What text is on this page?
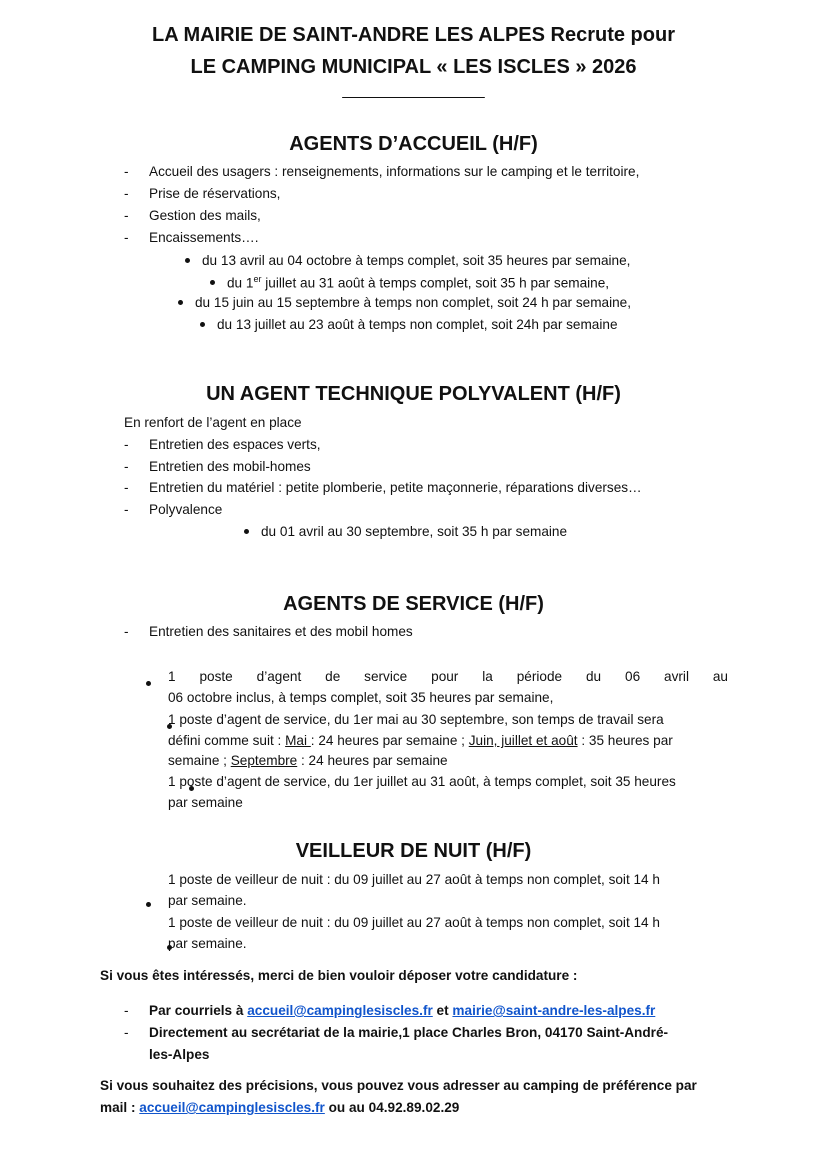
LA MAIRIE DE SAINT-ANDRE LES ALPES Recrute pour
LE CAMPING MUNICIPAL « LES ISCLES » 2026
________________
AGENTS D’ACCUEIL (H/F)
- Accueil des usagers : renseignements, informations sur le camping et le territoire,
- Prise de réservations,
- Gestion des mails,
- Encaissements….
du 13 avril au 04 octobre à temps complet, soit 35 heures par semaine,
du 1er juillet au 31 août à temps complet, soit 35 h par semaine,
du 15 juin au 15 septembre à temps non complet, soit 24 h par semaine,
du 13 juillet au 23 août à temps non complet, soit 24h par semaine
UN AGENT TECHNIQUE POLYVALENT (H/F)
En renfort de l’agent en place
- Entretien des espaces verts,
- Entretien des mobil-homes
- Entretien du matériel : petite plomberie, petite maçonnerie, réparations diverses…
- Polyvalence
du 01 avril au 30 septembre, soit 35 h par semaine
AGENTS DE SERVICE (H/F)
- Entretien des sanitaires et des mobil homes

1 poste d’agent de service pour la période du 06 avril au
06 octobre inclus, à temps complet, soit 35 heures par semaine,

1 poste d’agent de service, du 1er mai au 30 septembre, son temps de travail sera
défini comme suit : Mai : 24 heures par semaine ; Juin, juillet et août : 35 heures par
semaine ; Septembre : 24 heures par semaine
1 poste d’agent de service, du 1er juillet au 31 août, à temps complet, soit 35 heures
par semaine
VEILLEUR DE NUIT (H/F)

1 poste de veilleur de nuit : du 09 juillet au 27 août à temps non complet, soit 14 h
par semaine.
1 poste de veilleur de nuit : du 09 juillet au 27 août à temps non complet, soit 14 h
par semaine.
Si vous êtes intéressés, merci de bien vouloir déposer votre candidature :
- Par courriels à accueil@campinglesiscles.fr et mairie@saint-andre-les-alpes.fr
- Directement au secrétariat de la mairie,1 place Charles Bron, 04170 Saint-André-
les-Alpes
Si vous souhaitez des précisions, vous pouvez vous adresser au camping de préférence par
mail : accueil@campinglesiscles.fr ou au 04.92.89.02.29
